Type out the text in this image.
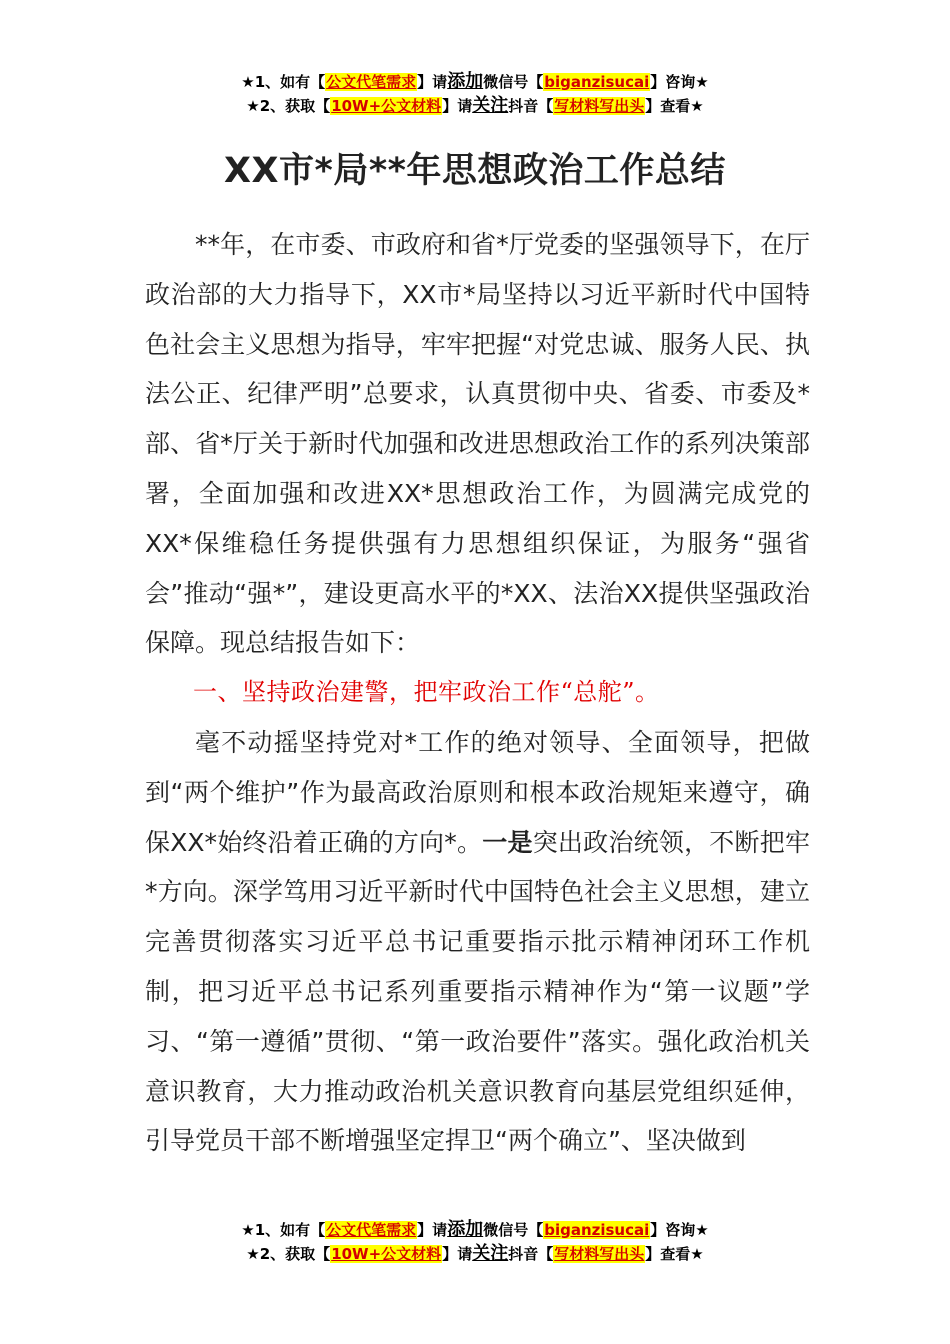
★1、如有【公文代笔需求】请添加微信号【biganzisucai】咨询★
★2、获取【10W+公文材料】请关注抖音【写材料写出头】查看★
XX市*局**年思想政治工作总结

**年，在市委、市政府和省*厅党委的坚强领导下，在厅政治部的大力指导下，XX市*局坚持以习近平新时代中国特色社会主义思想为指导，牢牢把握“对党忠诚、服务人民、执法公正、纪律严明”总要求，认真贯彻中央、省委、市委及*部、省*厅关于新时代加强和改进思想政治工作的系列决策部署，全面加强和改进XX*思想政治工作，为圆满完成党的XX*保维稳任务提供强有力思想组织保证，为服务“强省会”推动“强*”，建设更高水平的*XX、法治XX提供坚强政治保障。现总结报告如下：

一、坚持政治建警，把牢政治工作“总舵”。

毫不动摇坚持党对*工作的绝对领导、全面领导，把做到“两个维护”作为最高政治原则和根本政治规矩来遵守，确保XX*始终沿着正确的方向*。一是突出政治统领，不断把牢*方向。深学笃用习近平新时代中国特色社会主义思想，建立完善贯彻落实习近平总书记重要指示批示精神闭环工作机制，把习近平总书记系列重要指示精神作为“第一议题”学习、“第一遵循”贯彻、“第一政治要件”落实。强化政治机关意识教育，大力推动政治机关意识教育向基层党组织延伸，引导党员干部不断增强坚定捍卫“两个确立”、坚决做到

★1、如有【公文代笔需求】请添加微信号【biganzisucai】咨询★
★2、获取【10W+公文材料】请关注抖音【写材料写出头】查看★
